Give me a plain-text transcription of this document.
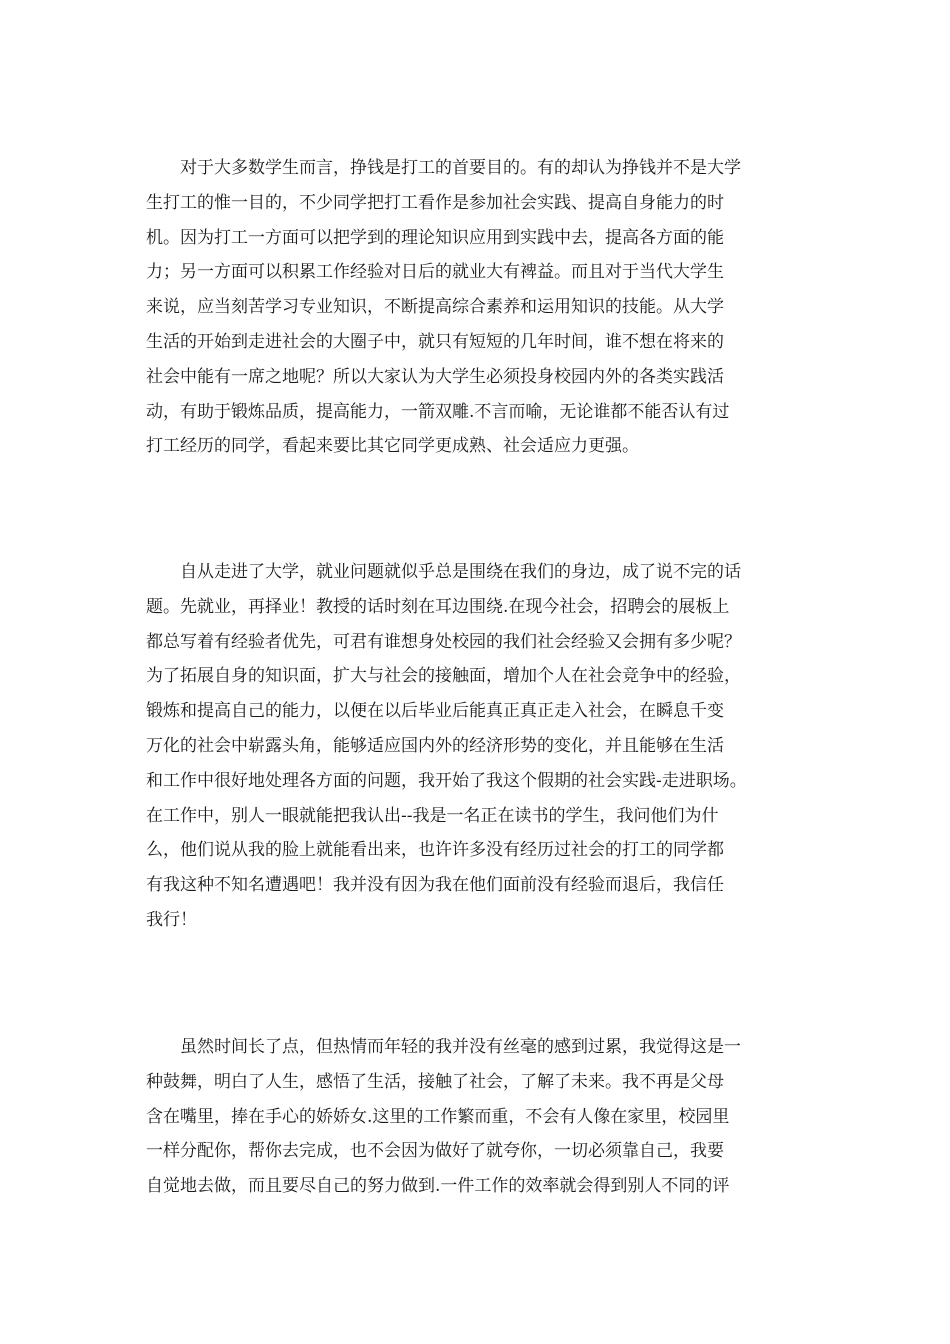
对于大多数学生而言，挣钱是打工的首要目的。有的却认为挣钱并不是大学
生打工的惟一目的，不少同学把打工看作是参加社会实践、提高自身能力的时
机。因为打工一方面可以把学到的理论知识应用到实践中去，提高各方面的能
力；另一方面可以积累工作经验对日后的就业大有裨益。而且对于当代大学生
来说，应当刻苦学习专业知识，不断提高综合素养和运用知识的技能。从大学
生活的开始到走进社会的大圈子中，就只有短短的几年时间，谁不想在将来的
社会中能有一席之地呢？所以大家认为大学生必须投身校园内外的各类实践活
动，有助于锻炼品质，提高能力，一箭双雕.不言而喻，无论谁都不能否认有过
打工经历的同学，看起来要比其它同学更成熟、社会适应力更强。
自从走进了大学，就业问题就似乎总是围绕在我们的身边，成了说不完的话
题。先就业，再择业！教授的话时刻在耳边围绕.在现今社会，招聘会的展板上
都总写着有经验者优先，可君有谁想身处校园的我们社会经验又会拥有多少呢？
为了拓展自身的知识面，扩大与社会的接触面，增加个人在社会竞争中的经验，
锻炼和提高自己的能力，以便在以后毕业后能真正真正走入社会，在瞬息千变
万化的社会中崭露头角，能够适应国内外的经济形势的变化，并且能够在生活
和工作中很好地处理各方面的问题，我开始了我这个假期的社会实践-走进职场。
在工作中，别人一眼就能把我认出--我是一名正在读书的学生，我问他们为什
么，他们说从我的脸上就能看出来，也许许多没有经历过社会的打工的同学都
有我这种不知名遭遇吧！我并没有因为我在他们面前没有经验而退后，我信任
我行！
虽然时间长了点，但热情而年轻的我并没有丝毫的感到过累，我觉得这是一
种鼓舞，明白了人生，感悟了生活，接触了社会，了解了未来。我不再是父母
含在嘴里，捧在手心的娇娇女.这里的工作繁而重，不会有人像在家里，校园里
一样分配你，帮你去完成，也不会因为做好了就夸你，一切必须靠自己，我要
自觉地去做，而且要尽自己的努力做到.一件工作的效率就会得到别人不同的评
